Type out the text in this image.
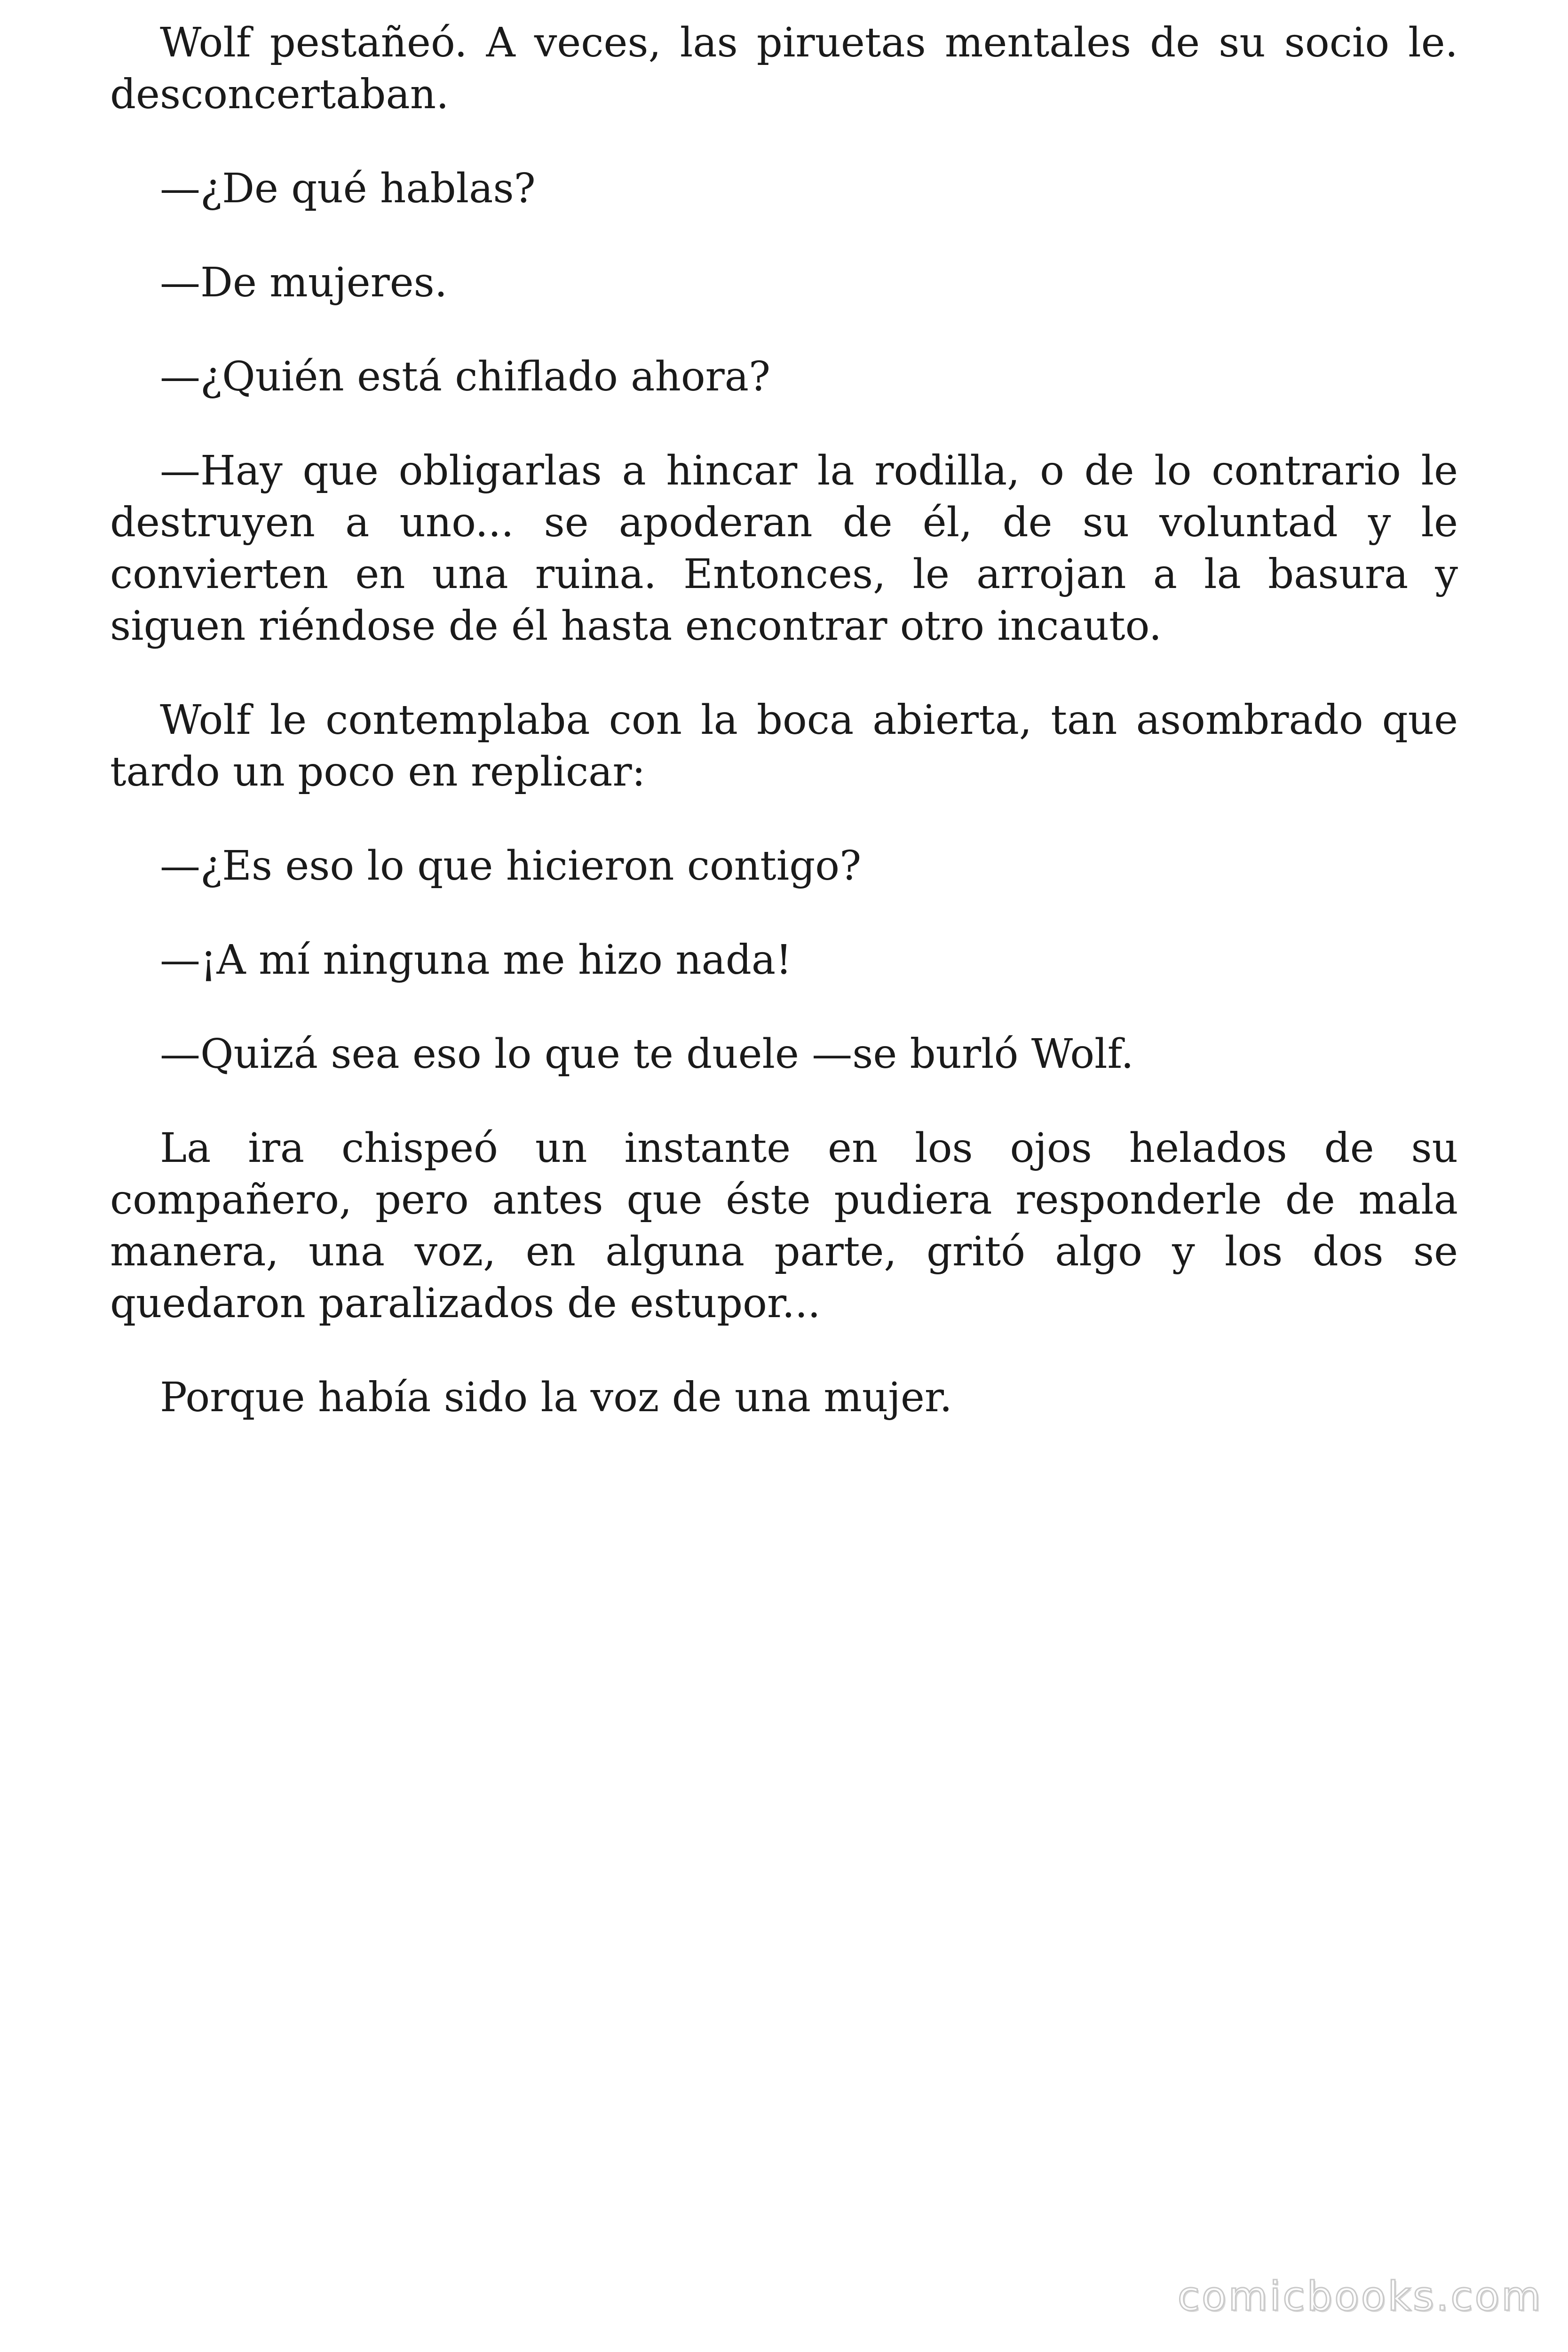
Wolf pestañeó. A veces, las piruetas mentales de su socio le. desconcertaban.

—¿De qué hablas?

—De mujeres.

—¿Quién está chiflado ahora?

—Hay que obligarlas a hincar la rodilla, o de lo contrario le destruyen a uno... se apoderan de él, de su voluntad y le convierten en una ruina. Entonces, le arrojan a la basura y siguen riéndose de él hasta encontrar otro incauto.

Wolf le contemplaba con la boca abierta, tan asombrado que tardo un poco en replicar:

—¿Es eso lo que hicieron contigo?

—¡A mí ninguna me hizo nada!

—Quizá sea eso lo que te duele —se burló Wolf.

La ira chispeó un instante en los ojos helados de su compañero, pero antes que éste pudiera responderle de mala manera, una voz, en alguna parte, gritó algo y los dos se quedaron paralizados de estupor...

Porque había sido la voz de una mujer.

comicbooks.com
